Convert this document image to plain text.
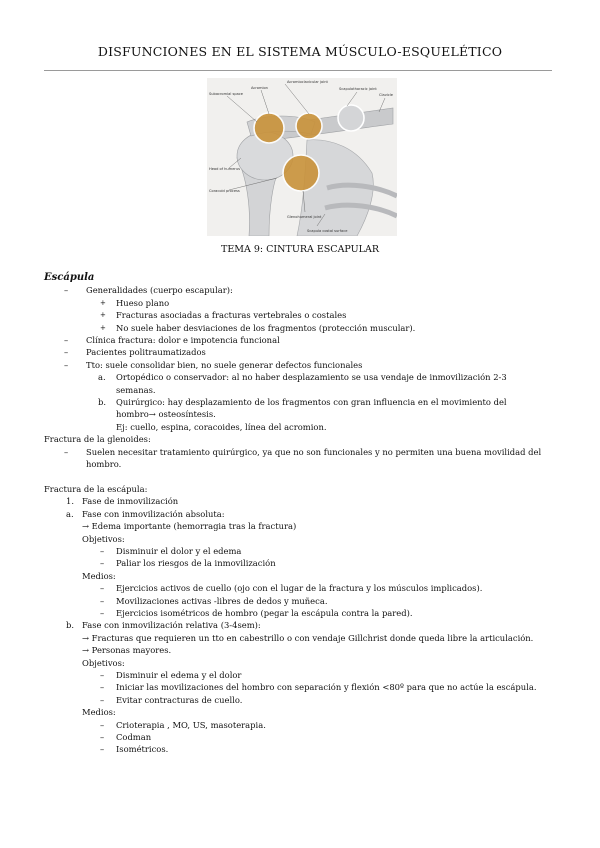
DISFUNCIONES EN EL SISTEMA MÚSCULO-ESQUELÉTICO
Acromioclavicular joint
Acromion
Subacromial space
Scapulothoracic joint
Clavicle
Head of humerus
Coracoid process
Glenohumeral joint
Scapula costal surface
TEMA 9: CINTURA ESCAPULAR
Escápula
– Generalidades (cuerpo escapular):
+ Hueso plano
+ Fracturas asociadas a fracturas vertebrales o costales
+ No suele haber desviaciones de los fragmentos (protección muscular).
– Clínica fractura: dolor e impotencia funcional
– Pacientes politraumatizados
– Tto: suele consolidar bien, no suele generar defectos funcionales
a. Ortopédico o conservador: al no haber desplazamiento se usa vendaje de inmovilización 2-3
semanas.
b. Quirúrgico: hay desplazamiento de los fragmentos con gran influencia en el movimiento del
hombro→ osteosíntesis.
Ej: cuello, espina, coracoides, línea del acromion.
Fractura de la glenoides:
– Suelen necesitar tratamiento quirúrgico, ya que no son funcionales y no permiten una buena movilidad del
hombro.
Fractura de la escápula:
1. Fase de inmovilización
a. Fase con inmovilización absoluta:
→ Edema importante (hemorragia tras la fractura)
Objetivos:
– Disminuir el dolor y el edema
– Paliar los riesgos de la inmovilización
Medios:
– Ejercicios activos de cuello (ojo con el lugar de la fractura y los músculos implicados).
– Movilizaciones activas -libres de dedos y muñeca.
– Ejercicios isométricos de hombro (pegar la escápula contra la pared).
b. Fase con inmovilización relativa (3-4sem):
→ Fracturas que requieren un tto en cabestrillo o con vendaje Gillchrist donde queda libre la articulación.
→ Personas mayores.
Objetivos:
– Disminuir el edema y el dolor
– Iniciar las movilizaciones del hombro con separación y flexión <80º para que no actúe la escápula.
– Evitar contracturas de cuello.
Medios:
– Crioterapia , MO, US, masoterapia.
– Codman
– Isométricos.
